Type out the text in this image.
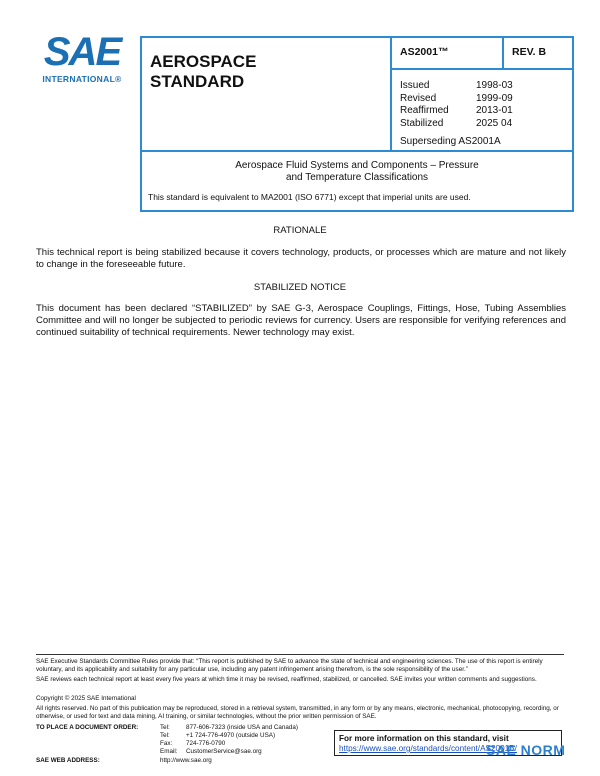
SAE
INTERNATIONAL®
AEROSPACE
STANDARD
AS2001™	REV. B
Issued	1998-03
Revised	1999-09
Reaffirmed	2013-01
Stabilized	2025 04
Superseding AS2001A
Aerospace Fluid Systems and Components – Pressure
and Temperature Classifications
This standard is equivalent to MA2001 (ISO 6771) except that imperial units are used.
RATIONALE
This technical report is being stabilized because it covers technology, products, or processes which are mature and not likely to change in the foreseeable future.
STABILIZED NOTICE
This document has been declared “STABILIZED” by SAE G-3, Aerospace Couplings, Fittings, Hose, Tubing Assemblies Committee and will no longer be subjected to periodic reviews for currency. Users are responsible for verifying references and continued suitability of technical requirements. Newer technology may exist.
SAE Executive Standards Committee Rules provide that: “This report is published by SAE to advance the state of technical and engineering sciences. The use of this report is entirely voluntary, and its applicability and suitability for any particular use, including any patent infringement arising therefrom, is the sole responsibility of the user.”
SAE reviews each technical report at least every five years at which time it may be revised, reaffirmed, stabilized, or cancelled. SAE invites your written comments and suggestions.
Copyright © 2025 SAE International
All rights reserved. No part of this publication may be reproduced, stored in a retrieval system, transmitted, in any form or by any means, electronic, mechanical, photocopying, recording, or otherwise, or used for text and data mining, AI training, or similar technologies, without the prior written permission of SAE.
TO PLACE A DOCUMENT ORDER:	Tel:	877-606-7323 (inside USA and Canada)
Tel:	+1 724-776-4970 (outside USA)
Fax: 724-776-0790
Email: CustomerService@sae.org
SAE WEB ADDRESS:	http://www.sae.org
For more information on this standard, visit
https://www.sae.org/standards/content/AS2001B/
SAE NORM
